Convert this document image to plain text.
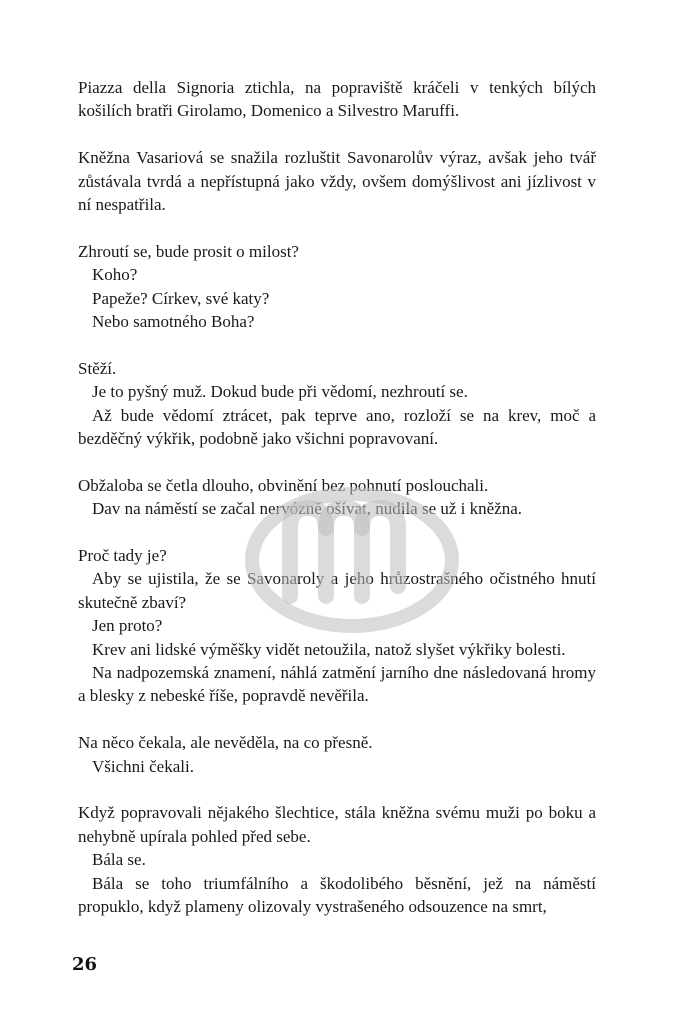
Piazza della Signoria ztichla, na popraviště kráčeli v tenkých bílých košilích bratři Girolamo, Domenico a Silvestro Maruffi.

Kněžna Vasariová se snažila rozluštit Savonarolův výraz, avšak jeho tvář zůstávala tvrdá a nepřístupná jako vždy, ovšem domýšlivost ani jízlivost v ní nespatřila.

Zhroutí se, bude prosit o milost?

Koho?

Papeže? Církev, své katy?

Nebo samotného Boha?

Stěží.

Je to pyšný muž. Dokud bude při vědomí, nezhroutí se.

Až bude vědomí ztrácet, pak teprve ano, rozloží se na krev, moč a bezděčný výkřik, podobně jako všichni popravovaní.

Obžaloba se četla dlouho, obvinění bez pohnutí poslouchali.

Dav na náměstí se začal nervózně ošívat, nudila se už i kněžna.

Proč tady je?

Aby se ujistila, že se Savonaroly a jeho hrůzostrašného očistného hnutí skutečně zbaví?

Jen proto?

Krev ani lidské výměšky vidět netoužila, natož slyšet výkřiky bolesti.

Na nadpozemská znamení, náhlá zatmění jarního dne následovaná hromy a blesky z nebeské říše, popravdě nevěřila.

Na něco čekala, ale nevěděla, na co přesně.

Všichni čekali.

Když popravovali nějakého šlechtice, stála kněžna svému muži po boku a nehybně upírala pohled před sebe.

Bála se.

Bála se toho triumfálního a škodolibého běsnění, jež na náměstí propuklo, když plameny olizovaly vystrašeného odsouzence na smrt,

26
